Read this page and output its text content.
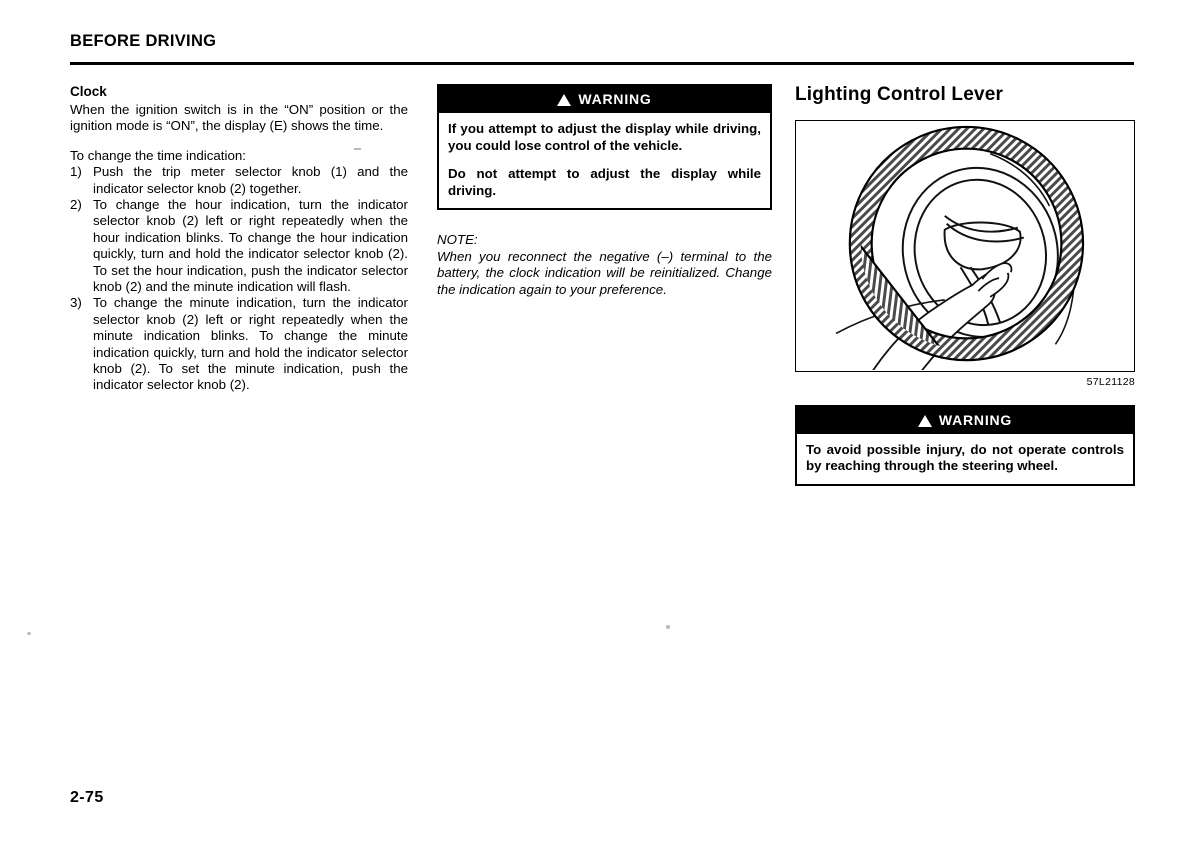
BEFORE DRIVING
Clock

When the ignition switch is in the “ON” position or the ignition mode is “ON”, the display (E) shows the time.

To change the time indication:

1) Push the trip meter selector knob (1) and the indicator selector knob (2) together.
2) To change the hour indication, turn the indicator selector knob (2) left or right repeatedly when the hour indication blinks. To change the hour indication quickly, turn and hold the indicator selector knob (2). To set the hour indication, push the indicator selector knob (2) and the minute indication will flash.
3) To change the minute indication, turn the indicator selector knob (2) left or right repeatedly when the minute indication blinks. To change the minute indication quickly, turn and hold the indicator selector knob (2). To set the minute indication, push the indicator selector knob (2).
WARNING

If you attempt to adjust the display while driving, you could lose control of the vehicle.

Do not attempt to adjust the display while driving.

NOTE:

When you reconnect the negative (–) terminal to the battery, the clock indication will be reinitialized. Change the indication again to your preference.

Lighting Control Lever
57L21128
WARNING

To avoid possible injury, do not operate controls by reaching through the steering wheel.

2-75
